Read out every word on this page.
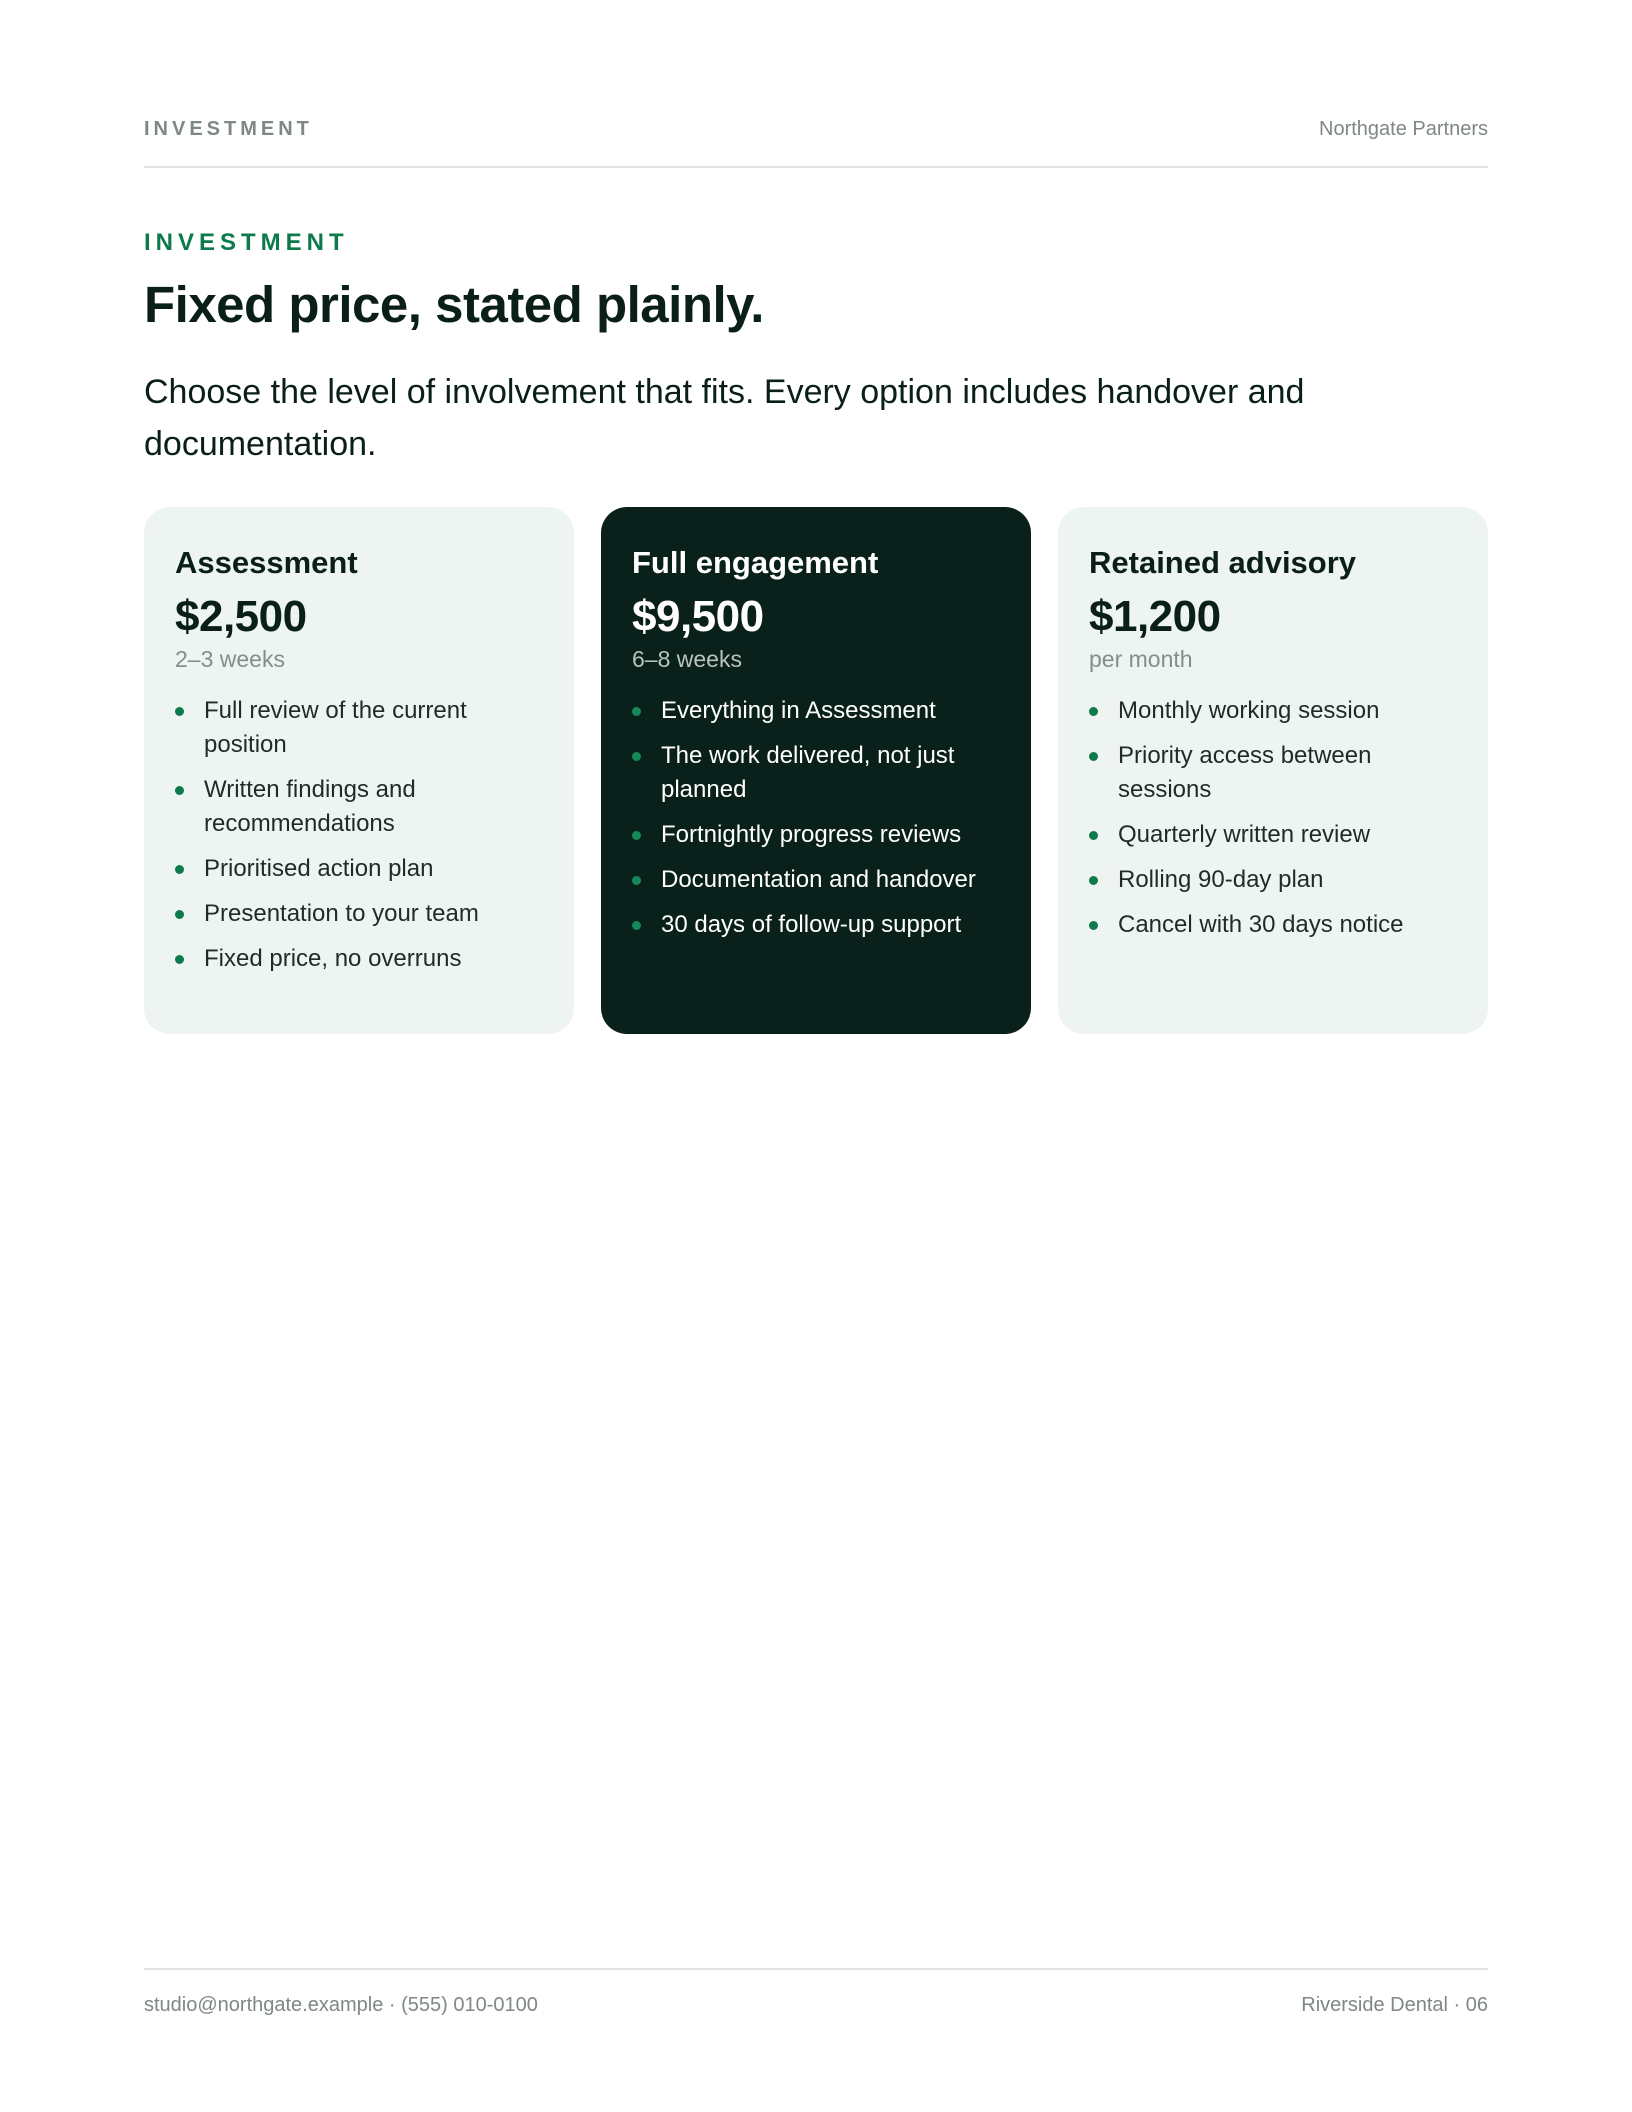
INVESTMENT	Northgate Partners
INVESTMENT
Fixed price, stated plainly.

Choose the level of involvement that fits. Every option includes handover and documentation.

Assessment
$2,500
2–3 weeks
Full review of the current position
Written findings and recommendations
Prioritised action plan
Presentation to your team
Fixed price, no overruns
Full engagement
$9,500
6–8 weeks
Everything in Assessment
The work delivered, not just planned
Fortnightly progress reviews
Documentation and handover
30 days of follow-up support
Retained advisory
$1,200
per month
Monthly working session
Priority access between sessions
Quarterly written review
Rolling 90-day plan
Cancel with 30 days notice
studio@northgate.example · (555) 010-0100	Riverside Dental · 06
